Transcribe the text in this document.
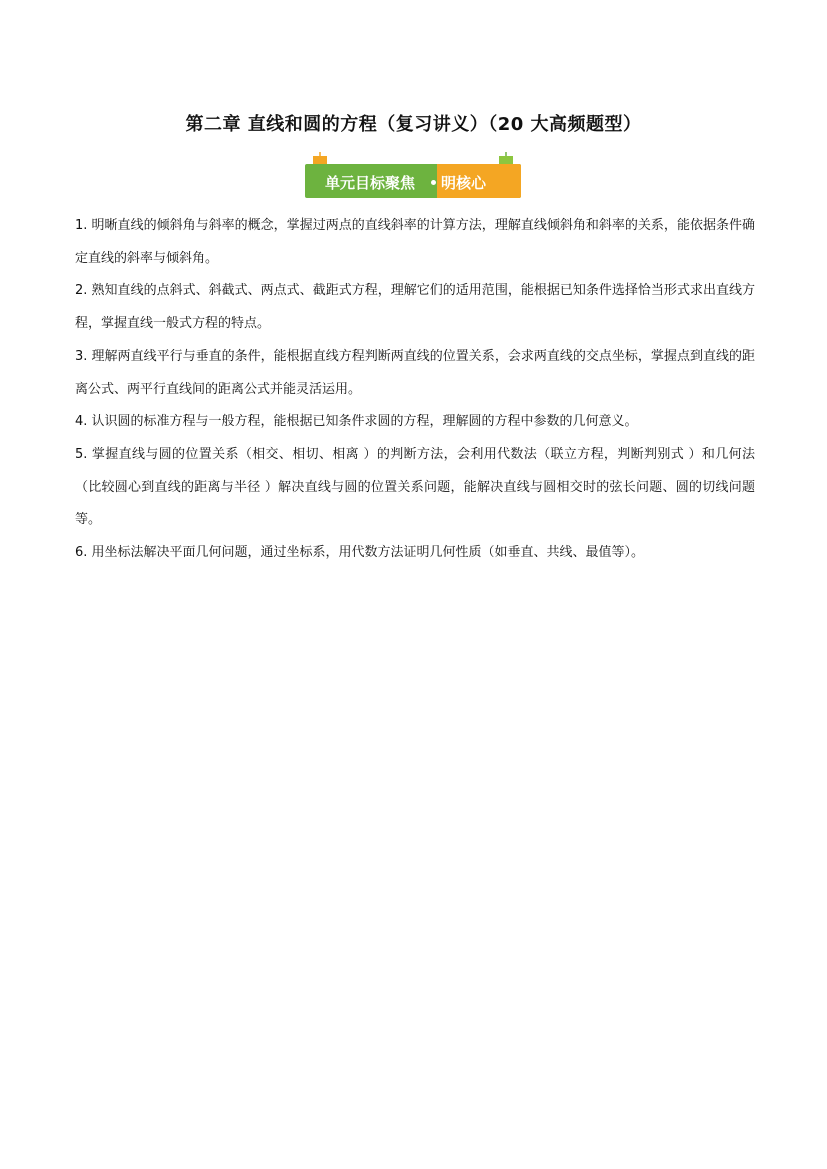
第二章 直线和圆的方程（复习讲义）（20 大高频题型）
单元目标聚焦 明核心

1. 明晰直线的倾斜角与斜率的概念，掌握过两点的直线斜率的计算方法，理解直线倾斜角和斜率的关系，能依据条件确定直线的斜率与倾斜角。

2. 熟知直线的点斜式、斜截式、两点式、截距式方程，理解它们的适用范围，能根据已知条件选择恰当形式求出直线方程，掌握直线一般式方程的特点。

3. 理解两直线平行与垂直的条件，能根据直线方程判断两直线的位置关系，会求两直线的交点坐标，掌握点到直线的距离公式、两平行直线间的距离公式并能灵活运用。

4. 认识圆的标准方程与一般方程，能根据已知条件求圆的方程，理解圆的方程中参数的几何意义。

5. 掌握直线与圆的位置关系（相交、相切、相离 ）的判断方法，会利用代数法（联立方程，判断判别式 ）和几何法（比较圆心到直线的距离与半径 ）解决直线与圆的位置关系问题，能解决直线与圆相交时的弦长问题、圆的切线问题等。

6. 用坐标法解决平面几何问题，通过坐标系，用代数方法证明几何性质（如垂直、共线、最值等）。
